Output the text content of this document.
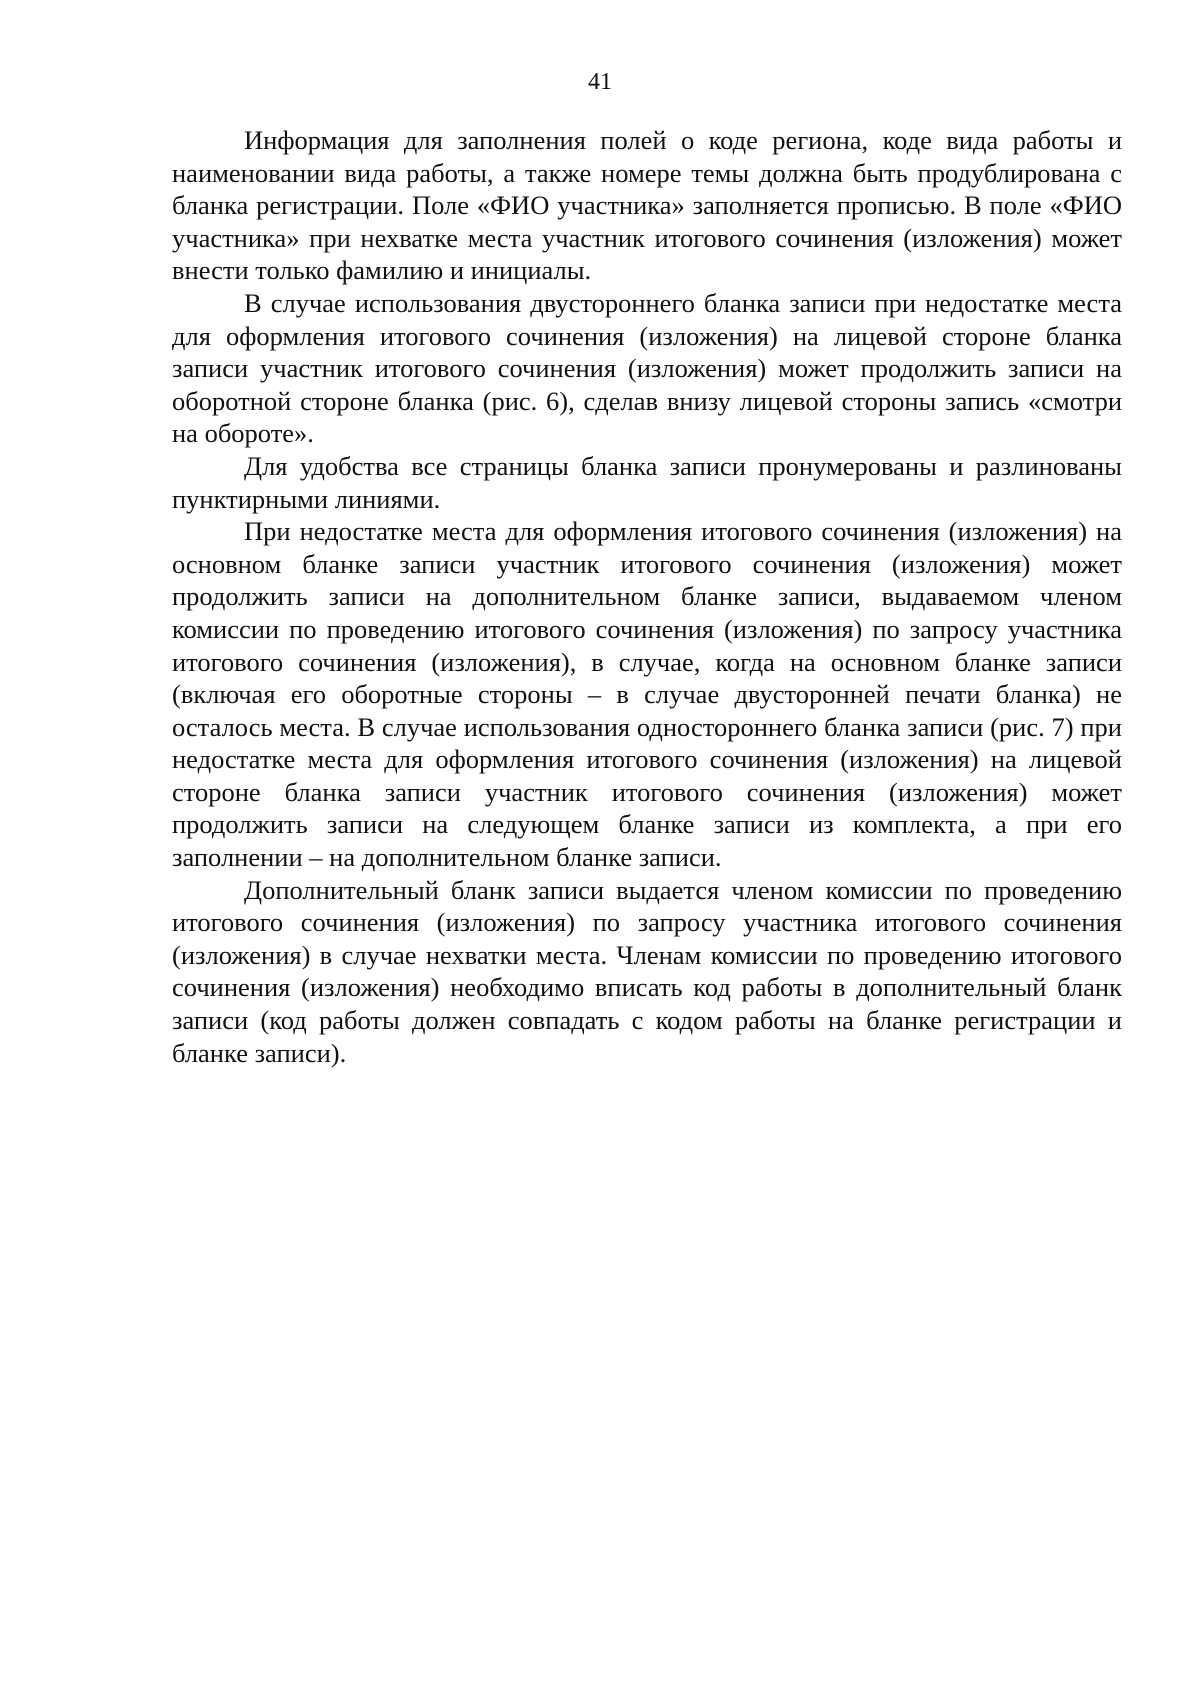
41

Информация для заполнения полей о коде региона, коде вида работы и наименовании вида работы, а также номере темы должна быть продублирована с бланка регистрации. Поле «ФИО участника» заполняется прописью. В поле «ФИО участника» при нехватке места участник итогового сочинения (изложения) может внести только фамилию и инициалы.

В случае использования двустороннего бланка записи при недостатке места для оформления итогового сочинения (изложения) на лицевой стороне бланка записи участник итогового сочинения (изложения) может продолжить записи на оборотной стороне бланка (рис. 6), сделав внизу лицевой стороны запись «смотри на обороте».

Для удобства все страницы бланка записи пронумерованы и разлинованы пунктирными линиями.

При недостатке места для оформления итогового сочинения (изложения) на основном бланке записи участник итогового сочинения (изложения) может продолжить записи на дополнительном бланке записи, выдаваемом членом комиссии по проведению итогового сочинения (изложения) по запросу участника итогового сочинения (изложения), в случае, когда на основном бланке записи (включая его оборотные стороны – в случае двусторонней печати бланка) не осталось места. В случае использования одностороннего бланка записи (рис. 7) при недостатке места для оформления итогового сочинения (изложения) на лицевой стороне бланка записи участник итогового сочинения (изложения) может продолжить записи на следующем бланке записи из комплекта, а при его заполнении – на дополнительном бланке записи.

Дополнительный бланк записи выдается членом комиссии по проведению итогового сочинения (изложения) по запросу участника итогового сочинения (изложения) в случае нехватки места. Членам комиссии по проведению итогового сочинения (изложения) необходимо вписать код работы в дополнительный бланк записи (код работы должен совпадать с кодом работы на бланке регистрации и бланке записи).
